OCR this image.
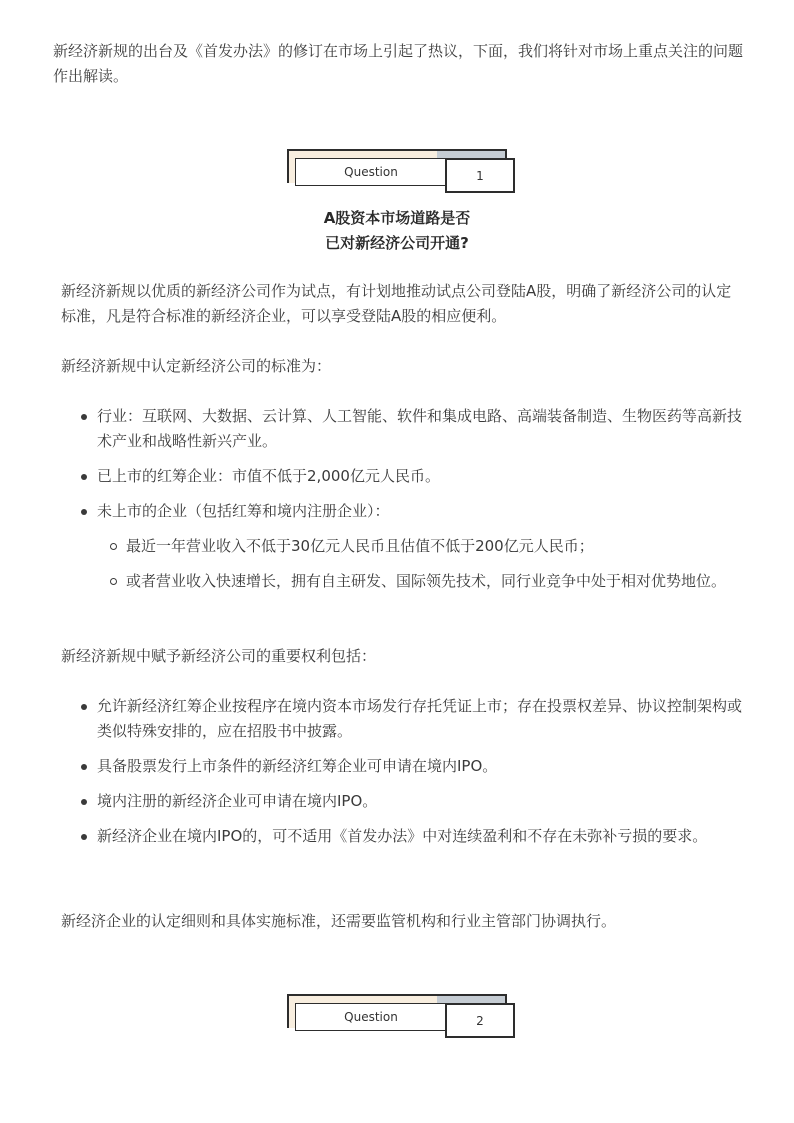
新经济新规的出台及《首发办法》的修订在市场上引起了热议，下面，我们将针对市场上重点关注的问题作出解读。

Question	1
A股资本市场道路是否
已对新经济公司开通?

新经济新规以优质的新经济公司作为试点，有计划地推动试点公司登陆A股，明确了新经济公司的认定标准，凡是符合标准的新经济企业，可以享受登陆A股的相应便利。

新经济新规中认定新经济公司的标准为：

行业：互联网、大数据、云计算、人工智能、软件和集成电路、高端装备制造、生物医药等高新技术产业和战略性新兴产业。
已上市的红筹企业：市值不低于2,000亿元人民币。
未上市的企业（包括红筹和境内注册企业）：
最近一年营业收入不低于30亿元人民币且估值不低于200亿元人民币；
或者营业收入快速增长，拥有自主研发、国际领先技术，同行业竞争中处于相对优势地位。

新经济新规中赋予新经济公司的重要权利包括：

允许新经济红筹企业按程序在境内资本市场发行存托凭证上市；存在投票权差异、协议控制架构或类似特殊安排的，应在招股书中披露。
具备股票发行上市条件的新经济红筹企业可申请在境内IPO。
境内注册的新经济企业可申请在境内IPO。
新经济企业在境内IPO的，可不适用《首发办法》中对连续盈利和不存在未弥补亏损的要求。

新经济企业的认定细则和具体实施标准，还需要监管机构和行业主管部门协调执行。

Question	2
